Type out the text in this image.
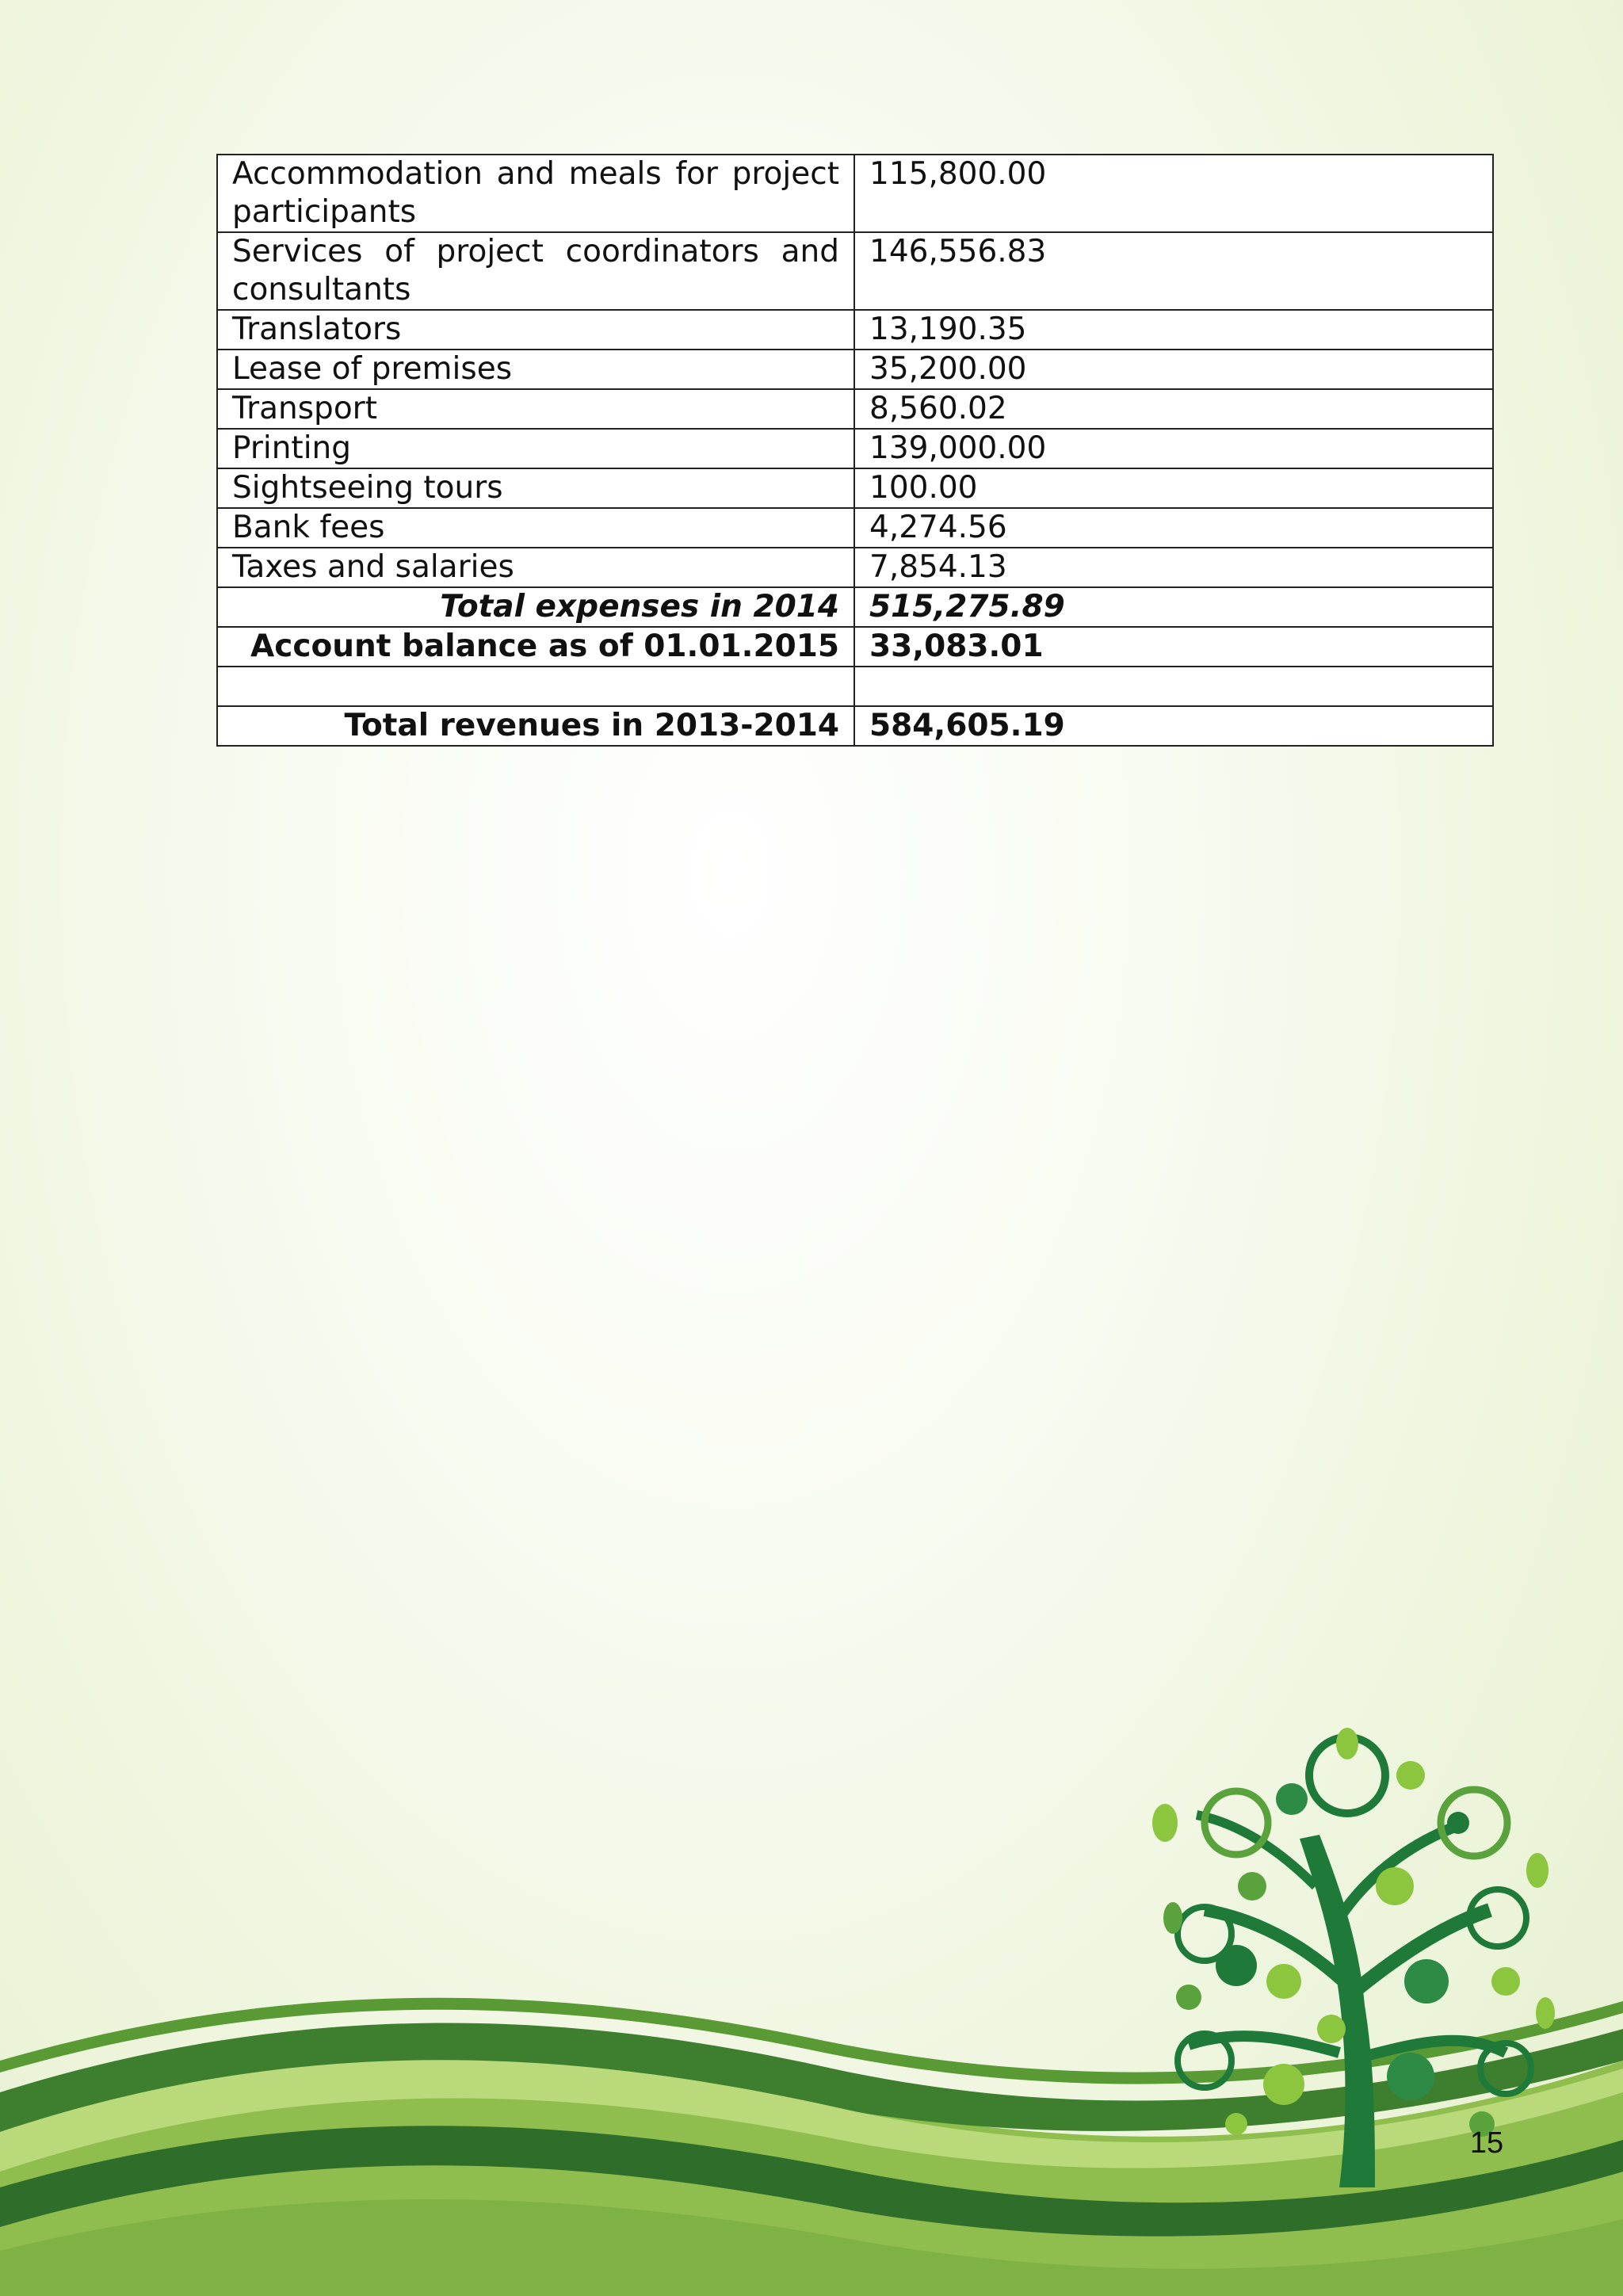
Accommodation and meals for project participants	115,800.00
Services of project coordinators and consultants	146,556.83
Translators	13,190.35
Lease of premises	35,200.00
Transport	8,560.02
Printing	139,000.00
Sightseeing tours	100.00
Bank fees	4,274.56
Taxes and salaries	7,854.13
Total expenses in 2014	515,275.89
Account balance as of 01.01.2015	33,083.01

Total revenues in 2013-2014	584,605.19
15
